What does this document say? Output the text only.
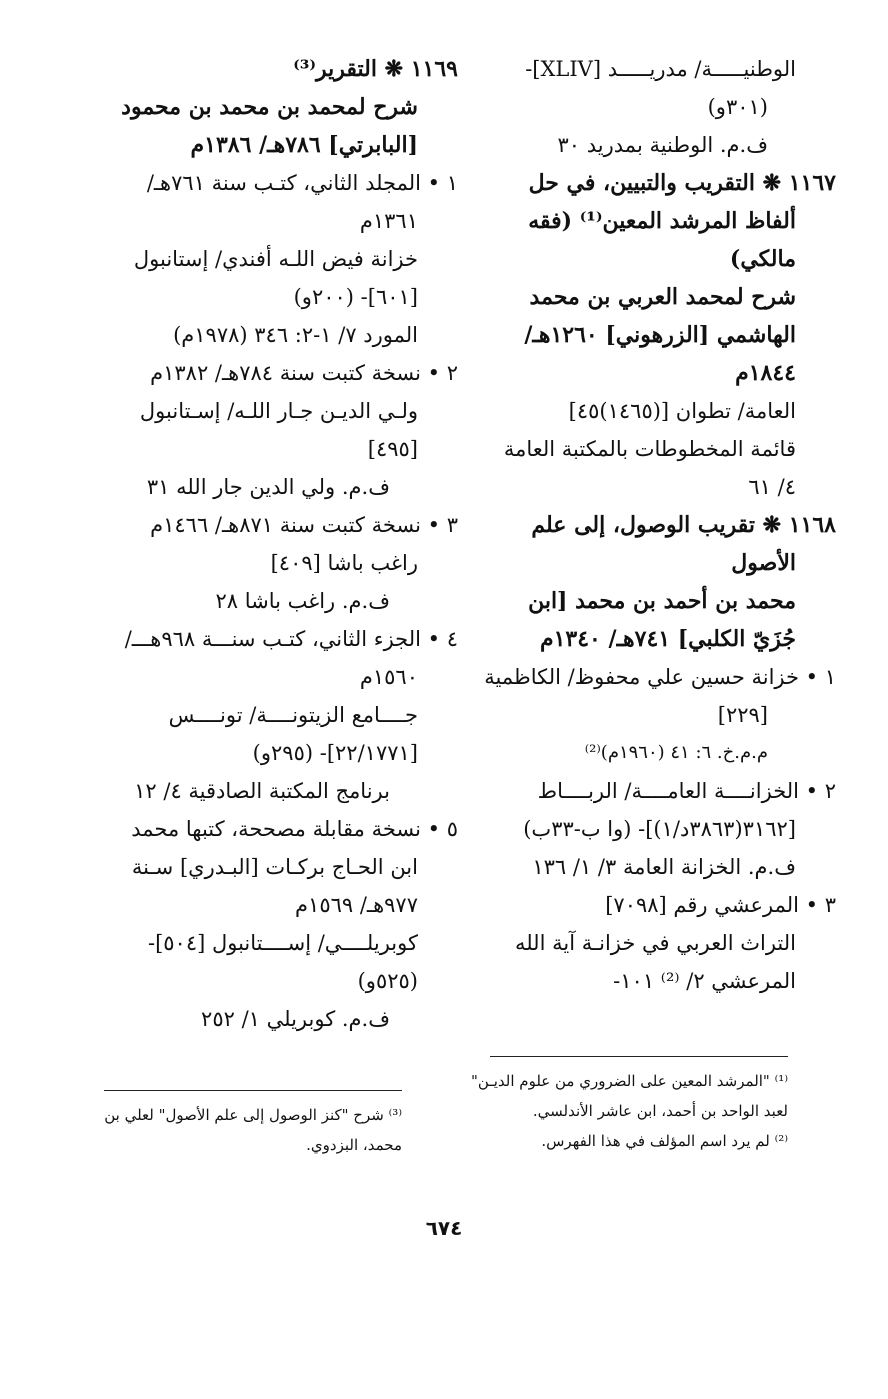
الوطنيـــــة/ مدريـــــد [XLIV]-
(٣٠١و)
ف.م. الوطنية بمدريد ٣٠
١١٦٧ ❋ التقريب والتبيين، في حل
ألفاظ المرشد المعين⁽¹⁾ (فقه
مالكي)
شرح لمحمد العربي بن محمد
الهاشمي [الزرهوني] ١٢٦٠هـ/
١٨٤٤م
العامة/ تطوان [(١٤٦٥)٤٥]
قائمة المخطوطات بالمكتبة العامة
٤/ ٦١
١١٦٨ ❋ تقريب الوصول، إلى علم
الأصول
محمد بن أحمد بن محمد [ابن
جُزَيّ الكلبي] ٧٤١هـ/ ١٣٤٠م
١ • خزانة حسين علي محفوظ/ الكاظمية
[٢٢٩]
م.م.خ. ٦: ٤١ (١٩٦٠م)⁽²⁾
٢ • الخزانــــة العامــــة/ الربــــاط
[٣١٦٢(٣٨٦٣د/١)]- (وا ب-٣٣ب)
ف.م. الخزانة العامة ٣/ ١/ ١٣٦
٣ • المرعشي رقم [٧٠٩٨]
التراث العربي في خزانـة آية الله
المرعشي ٢/ ⁽²⁾ ١٠١-
١١٦٩ ❋ التقرير⁽³⁾
شرح لمحمد بن محمد بن محمود
[البابرتي] ٧٨٦هـ/ ١٣٨٦م
١ • المجلد الثاني، كتـب سنة ٧٦١هـ/
١٣٦١م
خزانة فيض اللـه أفندي/ إستانبول
[٦٠١]- (٢٠٠و)
المورد ٧/ ١-٢: ٣٤٦ (١٩٧٨م)
٢ • نسخة كتبت سنة ٧٨٤هـ/ ١٣٨٢م
ولـي الديـن جـار اللـه/ إسـتانبول
[٤٩٥]
ف.م. ولي الدين جار الله ٣١
٣ • نسخة كتبت سنة ٨٧١هـ/ ١٤٦٦م
راغب باشا [٤٠٩]
ف.م. راغب باشا ٢٨
٤ • الجزء الثاني، كتـب سنـــة ٩٦٨هـــ/
١٥٦٠م
جــــامع الزيتونــــة/ تونــــس
[٢٢/١٧٧١]- (٢٩٥و)
برنامج المكتبة الصادقية ٤/ ١٢
٥ • نسخة مقابلة مصححة، كتبها محمد
ابن الحـاج بركـات [البـدري] سـنة
٩٧٧هـ/ ١٥٦٩م
كوبريلــــي/ إســــتانبول [٥٠٤]-
(٥٢٥و)
ف.م. كوبريلي ١/ ٢٥٢
⁽¹⁾ "المرشد المعين على الضروري من علوم الديـن"
لعبد الواحد بن أحمد، ابن عاشر الأندلسي.
⁽²⁾ لم يرد اسم المؤلف في هذا الفهرس.
⁽³⁾ شرح "كنز الوصول إلى علم الأصول" لعلي بن
محمد، البزدوي.
٦٧٤
